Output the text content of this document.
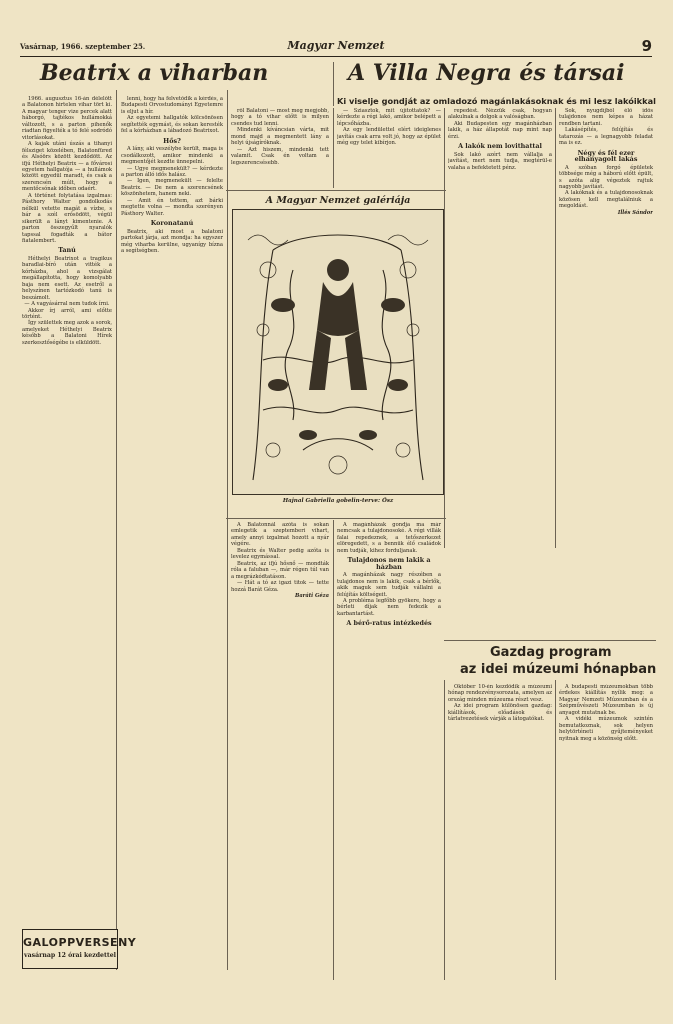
Vasárnap, 1966. szeptember 25.	Magyar Nemzet	9
Beatrix a viharban	A Villa Negra és társai
Ki viselje gondját az omladozó magánlakásoknak és mi lesz lakóikkal

1966. augusztus 16-án délelőtt a Balatonon hirtelen vihar tört ki. A magyar tenger vize percek alatt háborgó, tajtékos hullámokká változott, s a parton pihenők riadtan figyelték a tó felé sodródó vitorlásokat.

A kajak utáni úszás a tihanyi félsziget közelében, Balatonfüred és Alsóörs között kezdődött. Az ifjú Héthelyi Beatrix — a fővárosi egyetem hallgatója — a hullámok között egyedül maradt, és csak a szerencsén múlt, hogy a mentőcsónak időben odaért.

A történet folytatása izgalmas: Pásthory Walter gondolkodás nélkül vetette magát a vízbe, s bár a szél erősödött, végül sikerült a lányt kimentenie. A parton összegyűlt nyaralók tapssal fogadták a bátor fiatalembert.

Tanú

Héthelyi Beatrixot a tragikus baradlai-bíró után vitték a kórházba, ahol a vizsgálat megállapította, hogy komolyabb baja nem esett. Az esetről a helyszínen tartózkodó tanú is beszámolt.

— A vagyásárral nem tudok írni.

Akkor írj arról, ami előtte történt.

Így születtek meg azok a sorok, amelyeket Héthelyi Beatrix később a Balatoni Hírek szerkesztőségébe is elküldött.

GALOPPVERSENY
vasárnap 12 órai kezdettel

lenni, hogy ha felvetődik a kérdés, a Budapesti Orvostudományi Egyetemre is eljut a hír.

Az egyetemi hallgatók kölcsönösen segítették egymást, és sokan keresték fel a kórházban a lábadozó Beatrixot.

Hős?

A lány, aki veszélybe került, maga is csodálkozott, amikor mindenki a megmentőjét kezdte ünnepelni.

— Ugye megmenekült? — kérdezte a parton álló idős halász.

— Igen, megmenekült — felelte Beatrix. — De nem a szerencsének köszönhetem, hanem neki.

— Amit én tettem, azt bárki megtette volna — mondta szerényen Pásthory Walter.

Koronatanú

Beatrix, aki most a balatoni partokat járja, azt mondja: ha egyszer még viharba kerülne, ugyanígy bízna a segítségben.

ről Balatoni — most meg megjobb, hogy a tó vihar előtt is milyen csendes tud lenni.

Mindenki kíváncsian várta, mit mond majd a megmentett lány a helyi újságíróknak.

— Azt hiszem, mindenki tett valamit. Csak én voltam a legszerencsésebb.

A Magyar Nemzet galériája
Hajnal Gabriella gobelin-terve: Ősz

A Balatonnál azóta is sokan emlegetik a szeptemberi vihart, amely annyi izgalmat hozott a nyár végére.

Beatrix és Walter pedig azóta is levelez egymással.

Beatrix, az ifjú hősnő — mondták róla a faluban —, már régen túl van a megrázkódtatáson.

— Hát a tó az igazi titok — tette hozzá Barát Géza.

Baráti Géza

— Sziasztok, mit újítottatok? — kérdezte a régi lakó, amikor belépett a lépcsőházba.

Az egy lendülettel elért ideiglenes javítás csak arra volt jó, hogy az épület még egy telet kibírjon.

A magánházak gondja ma már nemcsak a tulajdonosoké. A régi villák falai repedeznek, a tetőszerkezet elöregedett, s a bennük élő családok nem tudják, kihez forduljanak.

Tulajdonos nem lakik a házban

A magánházak nagy részében a tulajdonos nem is lakik, csak a bérlők, akik maguk sem tudják vállalni a felújítás költségeit.

A probléma legfőbb gyökere, hogy a bérleti díjak nem fedezik a karbantartást.

A bérő-ratus intézkedés

repedést. Nézzük csak, hogyan alakulnak a dolgok a valóságban.

Aki Budapesten egy magánházban lakik, a ház állapotát nap mint nap érzi.

A lakók nem lovithattal

Sok lakó azért nem vállalja a javítást, mert nem tudja, megtérül-e valaha a befektetett pénz.

Sok, nyugdíjból élő idős tulajdonos nem képes a házat rendben tartani.

Lakásépítés, felújítás és tatarozás — a legnagyobb feladat ma is ez.

Négy és fél ezer elhanyagolt lakás

A szóban forgó épületek többsége még a háború előtt épült, s azóta alig végeztek rajtuk nagyobb javítást.

A lakóknak és a tulajdonosoknak közösen kell megtalálniuk a megoldást.

Illés Sándor

Gazdag program
az idei múzeumi hónapban

Október 10-én kezdődik a múzeumi hónap rendezvénysorozata, amelyen az ország minden múzeuma részt vesz.

Az idei program különösen gazdag: kiállítások, előadások és tárlatvezetések várják a látogatókat.

A budapesti múzeumokban több érdekes kiállítás nyílik meg: a Magyar Nemzeti Múzeumban és a Szépművészeti Múzeumban is új anyagot mutatnak be.

A vidéki múzeumok szintén bemutatkoznak, sok helyen helytörténeti gyűjteményeket nyitnak meg a közönség előtt.
